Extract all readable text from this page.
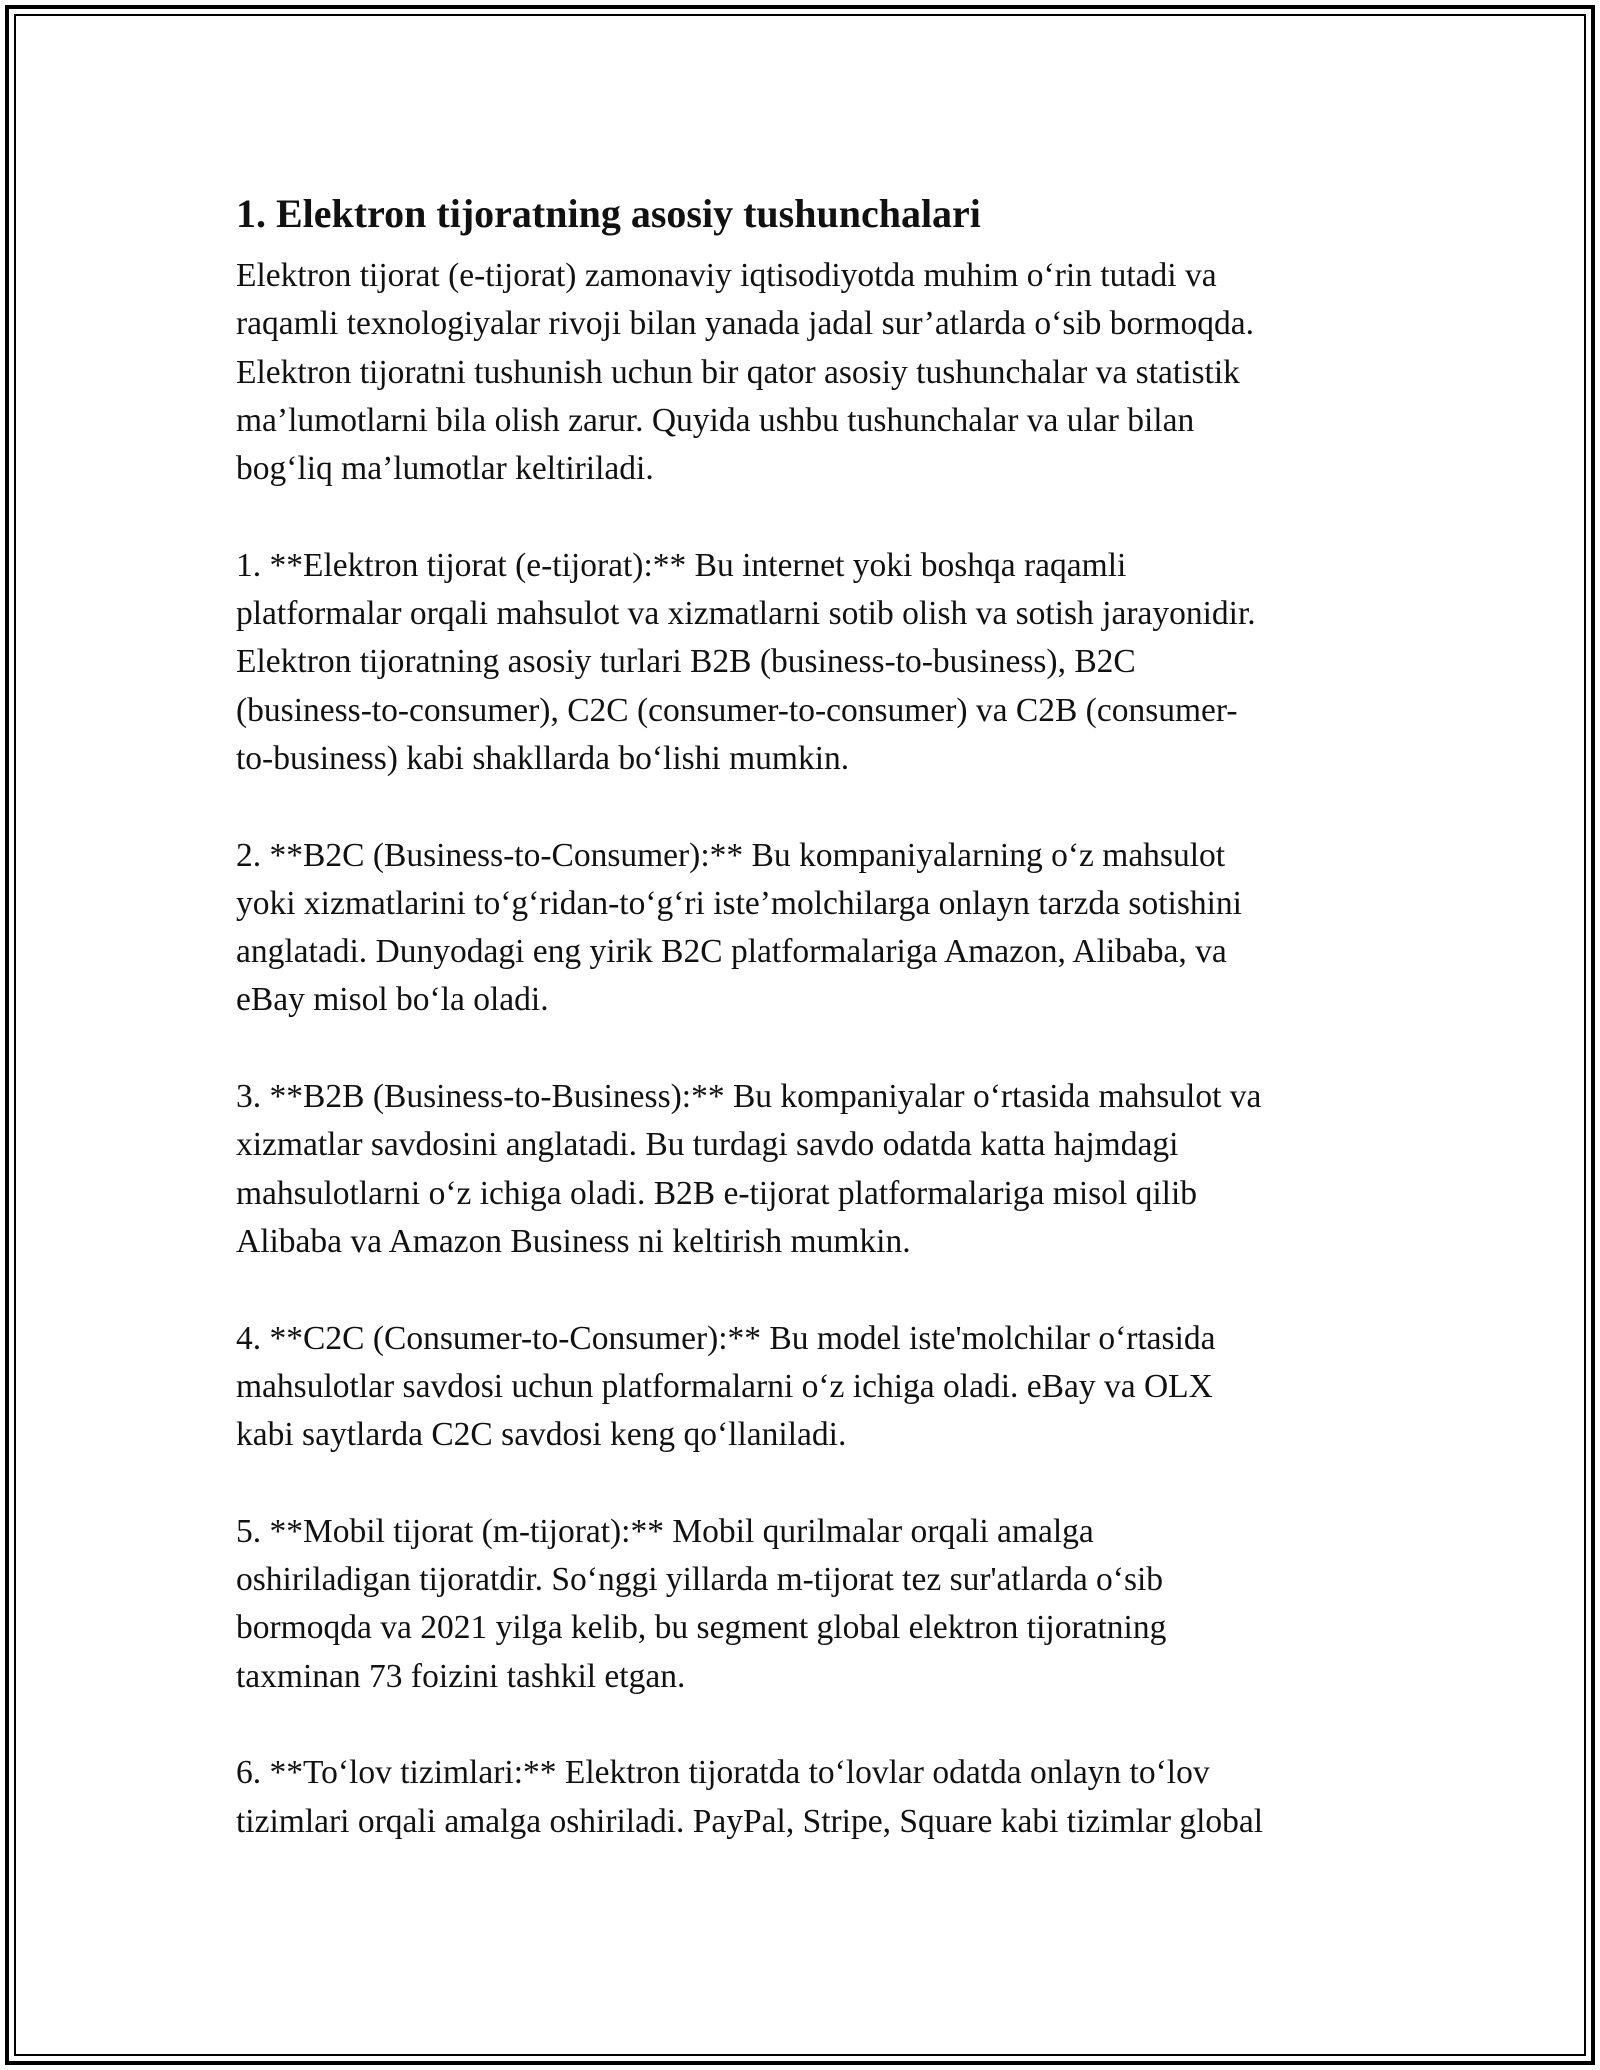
1. Elektron tijoratning asosiy tushunchalari

Elektron tijorat (e-tijorat) zamonaviy iqtisodiyotda muhim o‘rin tutadi va
raqamli texnologiyalar rivoji bilan yanada jadal sur’atlarda o‘sib bormoqda.
Elektron tijoratni tushunish uchun bir qator asosiy tushunchalar va statistik
ma’lumotlarni bila olish zarur. Quyida ushbu tushunchalar va ular bilan
bog‘liq ma’lumotlar keltiriladi.

1. **Elektron tijorat (e-tijorat):** Bu internet yoki boshqa raqamli
platformalar orqali mahsulot va xizmatlarni sotib olish va sotish jarayonidir.
Elektron tijoratning asosiy turlari B2B (business-to-business), B2C
(business-to-consumer), C2C (consumer-to-consumer) va C2B (consumer-
to-business) kabi shakllarda bo‘lishi mumkin.

2. **B2C (Business-to-Consumer):** Bu kompaniyalarning o‘z mahsulot
yoki xizmatlarini to‘g‘ridan-to‘g‘ri iste’molchilarga onlayn tarzda sotishini
anglatadi. Dunyodagi eng yirik B2C platformalariga Amazon, Alibaba, va
eBay misol bo‘la oladi.

3. **B2B (Business-to-Business):** Bu kompaniyalar o‘rtasida mahsulot va
xizmatlar savdosini anglatadi. Bu turdagi savdo odatda katta hajmdagi
mahsulotlarni o‘z ichiga oladi. B2B e-tijorat platformalariga misol qilib
Alibaba va Amazon Business ni keltirish mumkin.

4. **C2C (Consumer-to-Consumer):** Bu model iste'molchilar o‘rtasida
mahsulotlar savdosi uchun platformalarni o‘z ichiga oladi. eBay va OLX
kabi saytlarda C2C savdosi keng qo‘llaniladi.

5. **Mobil tijorat (m-tijorat):** Mobil qurilmalar orqali amalga
oshiriladigan tijoratdir. So‘nggi yillarda m-tijorat tez sur'atlarda o‘sib
bormoqda va 2021 yilga kelib, bu segment global elektron tijoratning
taxminan 73 foizini tashkil etgan.

6. **To‘lov tizimlari:** Elektron tijoratda to‘lovlar odatda onlayn to‘lov
tizimlari orqali amalga oshiriladi. PayPal, Stripe, Square kabi tizimlar global
